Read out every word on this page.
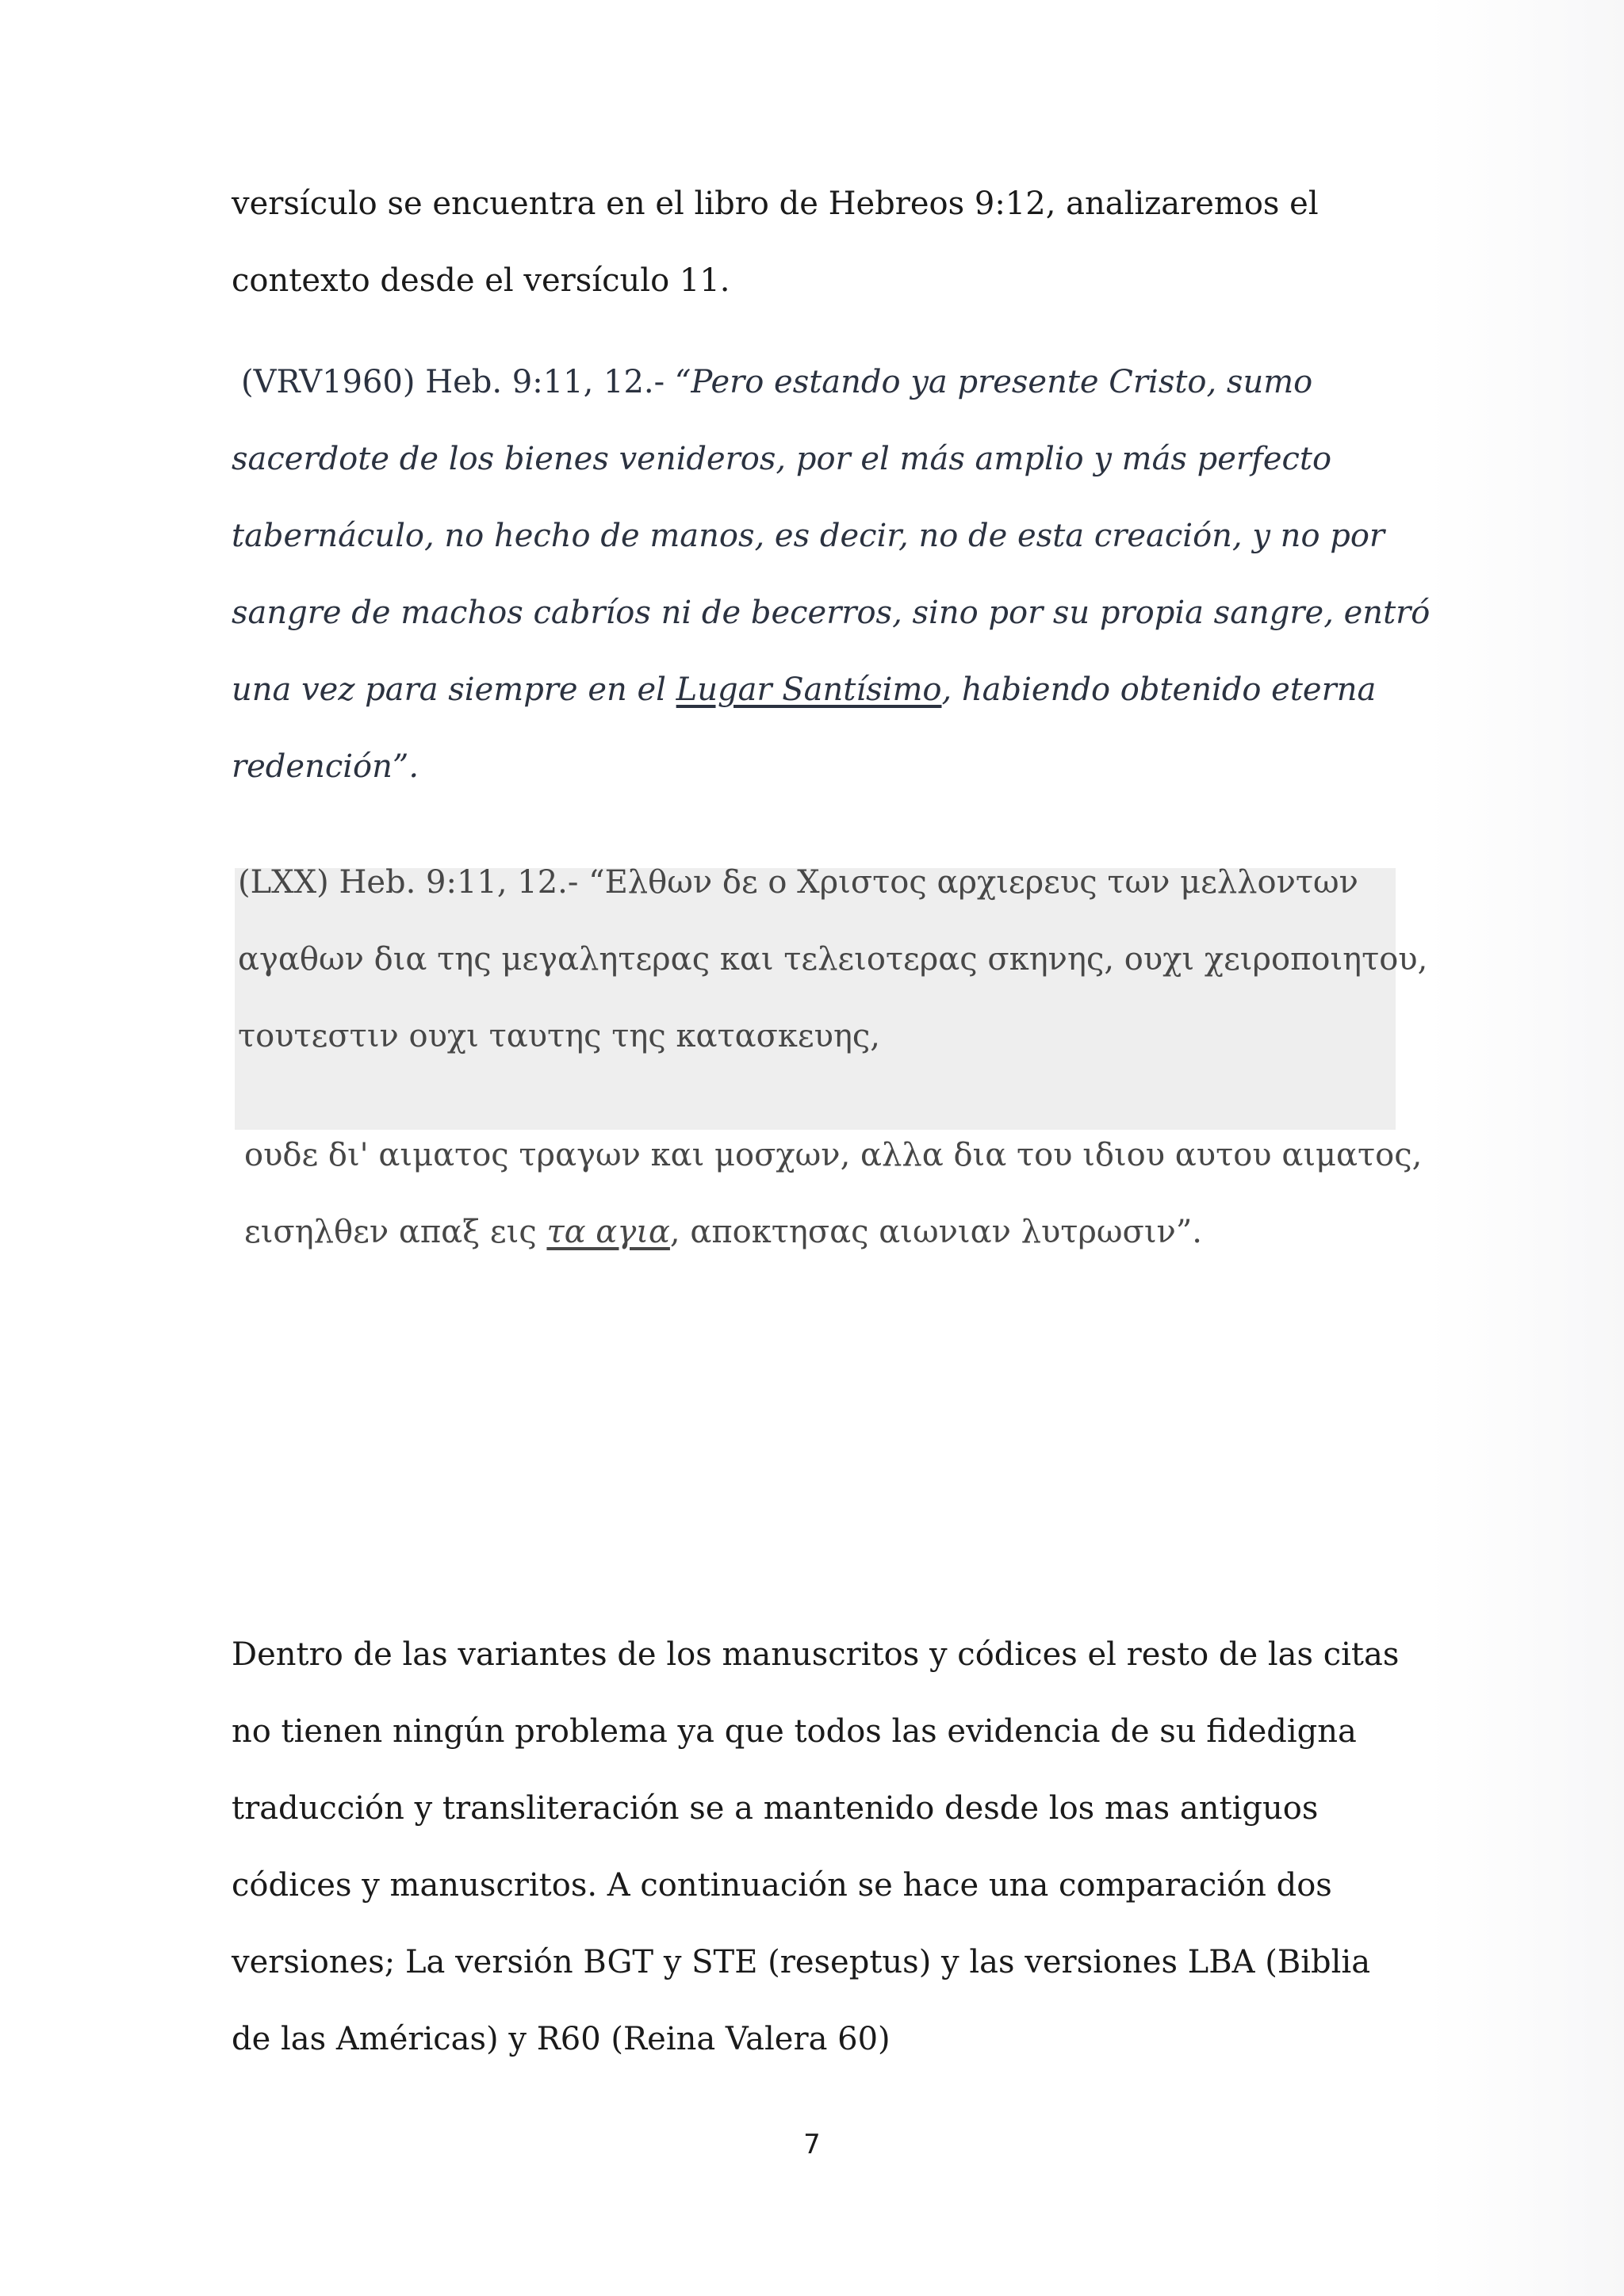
versículo se encuentra en el libro de Hebreos 9:12, analizaremos el
contexto desde el versículo 11.
(VRV1960) Heb. 9:11, 12.- “Pero estando ya presente Cristo, sumo
sacerdote de los bienes venideros, por el más amplio y más perfecto
tabernáculo, no hecho de manos, es decir, no de esta creación, y no por
sangre de machos cabríos ni de becerros, sino por su propia sangre, entró
una vez para siempre en el Lugar Santísimo, habiendo obtenido eterna
redención”.
(LXX) Heb. 9:11, 12.- “Ελθων δε ο Χριστος αρχιερευς των μελλοντων
αγαθων δια της μεγαλητερας και τελειοτερας σκηνης, ουχι χειροποιητου,
τουτεστιν ουχι ταυτης της κατασκευης,
ουδε δι' αιματος τραγων και μοσχων, αλλα δια του ιδιου αυτου αιματος,
εισηλθεν απαξ εις τα αγια, αποκτησας αιωνιαν λυτρωσιν”.
Dentro de las variantes de los manuscritos y códices el resto de las citas
no tienen ningún problema ya que todos las evidencia de su fidedigna
traducción y transliteración se a mantenido desde los mas antiguos
códices y manuscritos. A continuación se hace una comparación dos
versiones; La versión BGT y STE (reseptus) y las versiones LBA (Biblia
de las Américas) y R60 (Reina Valera 60)
7
